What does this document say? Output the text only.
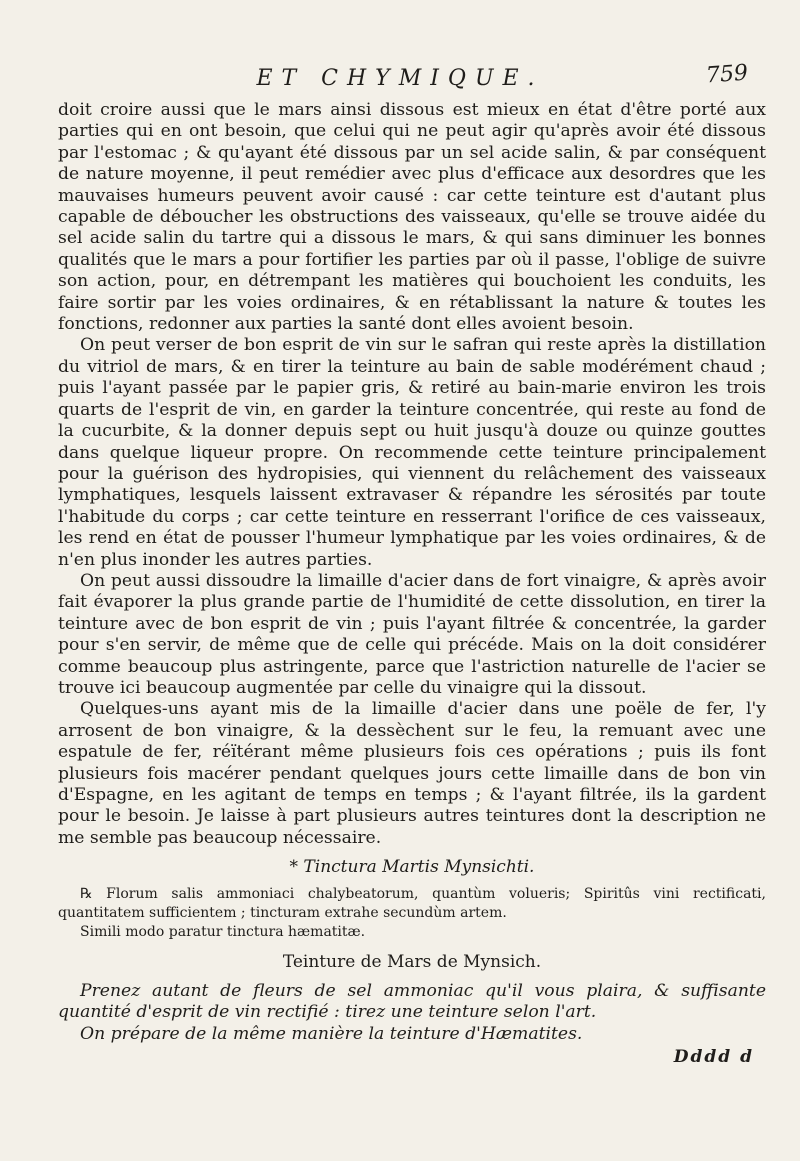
ET CHYMIQUE.	759

doit croire aussi que le mars ainsi dissous est mieux en état d'être porté aux parties qui en ont besoin, que celui qui ne peut agir qu'après avoir été dissous par l'estomac ; & qu'ayant été dissous par un sel acide salin, & par conséquent de nature moyenne, il peut remédier avec plus d'efficace aux desordres que les mauvaises humeurs peuvent avoir causé : car cette teinture est d'autant plus capable de déboucher les obstructions des vaisseaux, qu'elle se trouve aidée du sel acide salin du tartre qui a dissous le mars, & qui sans diminuer les bonnes qualités que le mars a pour fortifier les parties par où il passe, l'oblige de suivre son action, pour, en détrempant les matières qui bouchoient les conduits, les faire sortir par les voies ordinaires, & en rétablissant la nature & toutes les fonctions, redonner aux parties la santé dont elles avoient besoin.

On peut verser de bon esprit de vin sur le safran qui reste après la distillation du vitriol de mars, & en tirer la teinture au bain de sable modérément chaud ; puis l'ayant passée par le papier gris, & retiré au bain-marie environ les trois quarts de l'esprit de vin, en garder la teinture concentrée, qui reste au fond de la cucurbite, & la donner depuis sept ou huit jusqu'à douze ou quinze gouttes dans quelque liqueur propre. On recommende cette teinture principalement pour la guérison des hydropisies, qui viennent du relâchement des vaisseaux lymphatiques, lesquels laissent extravaser & répandre les sérosités par toute l'habitude du corps ; car cette teinture en resserrant l'orifice de ces vaisseaux, les rend en état de pousser l'humeur lymphatique par les voies ordinaires, & de n'en plus inonder les autres parties.

On peut aussi dissoudre la limaille d'acier dans de fort vinaigre, & après avoir fait évaporer la plus grande partie de l'humidité de cette dissolution, en tirer la teinture avec de bon esprit de vin ; puis l'ayant filtrée & concentrée, la garder pour s'en servir, de même que de celle qui précéde. Mais on la doit considérer comme beaucoup plus astringente, parce que l'astriction naturelle de l'acier se trouve ici beaucoup augmentée par celle du vinaigre qui la dissout.

Quelques-uns ayant mis de la limaille d'acier dans une poële de fer, l'y arrosent de bon vinaigre, & la dessèchent sur le feu, la remuant avec une espatule de fer, réïtérant même plusieurs fois ces opérations ; puis ils font plusieurs fois macérer pendant quelques jours cette limaille dans de bon vin d'Espagne, en les agitant de temps en temps ; & l'ayant filtrée, ils la gardent pour le besoin. Je laisse à part plusieurs autres teintures dont la description ne me semble pas beaucoup nécessaire.

* Tinctura Martis Mynsichti.

℞ Florum salis ammoniaci chalybeatorum, quantùm volueris; Spiritûs vini rectificati, quantitatem sufficientem ; tincturam extrahe secundùm artem.

Simili modo paratur tinctura hæmatitæ.

Teinture de Mars de Mynsich.

Prenez autant de fleurs de sel ammoniac qu'il vous plaira, & suffisante quantité d'esprit de vin rectifié : tirez une teinture selon l'art.

On prépare de la même manière la teinture d'Hæmatites.

Dddd d
